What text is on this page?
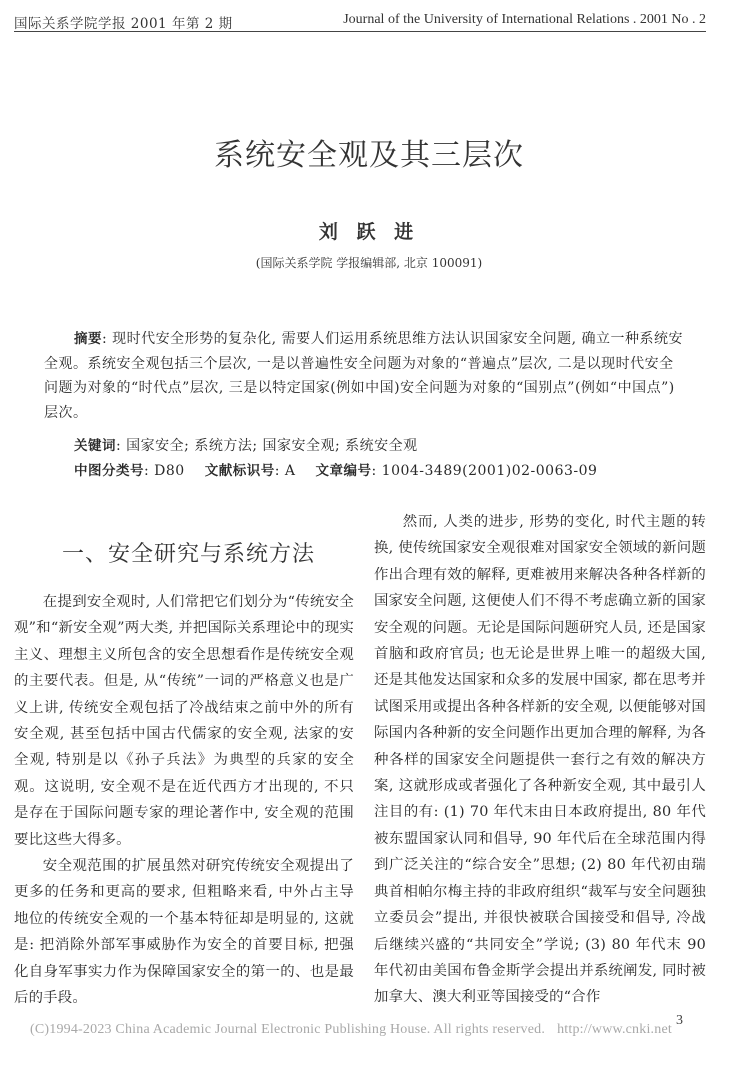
国际关系学院学报 2001 年第 2 期	Journal of the University of International Relations . 2001 No . 2
系统安全观及其三层次
刘 跃 进
(国际关系学院 学报编辑部, 北京 100091)

摘要: 现时代安全形势的复杂化, 需要人们运用系统思维方法认识国家安全问题, 确立一种系统安全观。系统安全观包括三个层次, 一是以普遍性安全问题为对象的“普遍点”层次, 二是以现时代安全问题为对象的“时代点”层次, 三是以特定国家(例如中国)安全问题为对象的“国别点”(例如“中国点”)层次。

关键词: 国家安全; 系统方法; 国家安全观; 系统安全观

中图分类号: D80 文献标识号: A 文章编号: 1004-3489(2001)02-0063-09

一、安全研究与系统方法

在提到安全观时, 人们常把它们划分为“传统安全观”和“新安全观”两大类, 并把国际关系理论中的现实主义、理想主义所包含的安全思想看作是传统安全观的主要代表。但是, 从“传统”一词的严格意义也是广义上讲, 传统安全观包括了冷战结束之前中外的所有安全观, 甚至包括中国古代儒家的安全观, 法家的安全观, 特别是以《孙子兵法》为典型的兵家的安全观。这说明, 安全观不是在近代西方才出现的, 不只是存在于国际问题专家的理论著作中, 安全观的范围要比这些大得多。

安全观范围的扩展虽然对研究传统安全观提出了更多的任务和更高的要求, 但粗略来看, 中外占主导地位的传统安全观的一个基本特征却是明显的, 这就是: 把消除外部军事威胁作为安全的首要目标, 把强化自身军事实力作为保障国家安全的第一的、也是最后的手段。

然而, 人类的进步, 形势的变化, 时代主题的转换, 使传统国家安全观很难对国家安全领域的新问题作出合理有效的解释, 更难被用来解决各种各样新的国家安全问题, 这便使人们不得不考虑确立新的国家安全观的问题。无论是国际问题研究人员, 还是国家首脑和政府官员; 也无论是世界上唯一的超级大国, 还是其他发达国家和众多的发展中国家, 都在思考并试图采用或提出各种各样新的安全观, 以便能够对国际国内各种新的安全问题作出更加合理的解释, 为各种各样的国家安全问题提供一套行之有效的解决方案, 这就形成或者强化了各种新安全观, 其中最引人注目的有: (1) 70 年代末由日本政府提出, 80 年代被东盟国家认同和倡导, 90 年代后在全球范围内得到广泛关注的“综合安全”思想; (2) 80 年代初由瑞典首相帕尔梅主持的非政府组织“裁军与安全问题独立委员会”提出, 并很快被联合国接受和倡导, 冷战后继续兴盛的“共同安全”学说; (3) 80 年代末 90 年代初由美国布鲁金斯学会提出并系统阐发, 同时被加拿大、澳大利亚等国接受的“合作

(C)1994-2023 China Academic Journal Electronic Publishing House. All rights reserved. http://www.cnki.net
3
